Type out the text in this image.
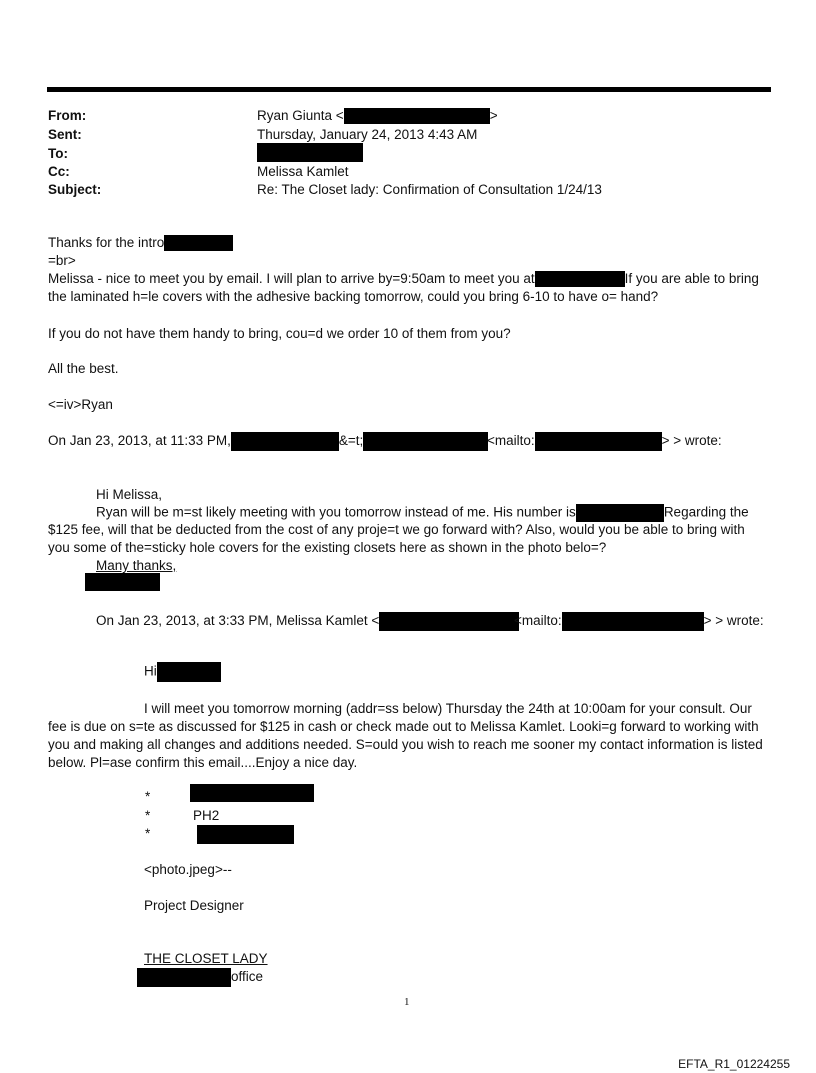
From:	Ryan Giunta <	>
Sent:	Thursday, January 24, 2013 4:43 AM
To:
Cc:	Melissa Kamlet
Subject:	Re: The Closet lady: Confirmation of Consultation 1/24/13
Thanks for the intro
=br>
Melissa - nice to meet you by email. I will plan to arrive by=9:50am to meet you at	If you are able to bring
the laminated h=le covers with the adhesive backing tomorrow, could you bring 6-10 to have o= hand?
If you do not have them handy to bring, cou=d we order 10 of them from you?
All the best.
<=iv>Ryan
On Jan 23, 2013, at 11:33 PM,	&=t;	<mailto:	> > wrote:
Hi Melissa,
Ryan will be m=st likely meeting with you tomorrow instead of me. His number is	Regarding the
$125 fee, will that be deducted from the cost of any proje=t we go forward with? Also, would you be able to bring with
you some of the=sticky hole covers for the existing closets here as shown in the photo belo=?
Many thanks,
On Jan 23, 2013, at 3:33 PM, Melissa Kamlet <	<mailto:	> > wrote:
Hi
I will meet you tomorrow morning (addr=ss below) Thursday the 24th at 10:00am for your consult. Our
fee is due on s=te as discussed for $125 in cash or check made out to Melissa Kamlet. Looki=g forward to working with
you and making all changes and additions needed. S=ould you wish to reach me sooner my contact information is listed
below. Pl=ase confirm this email....Enjoy a nice day.
*
*	PH2
*
<photo.jpeg>--
Project Designer
THE CLOSET LADY
office
1
EFTA_R1_01224255
